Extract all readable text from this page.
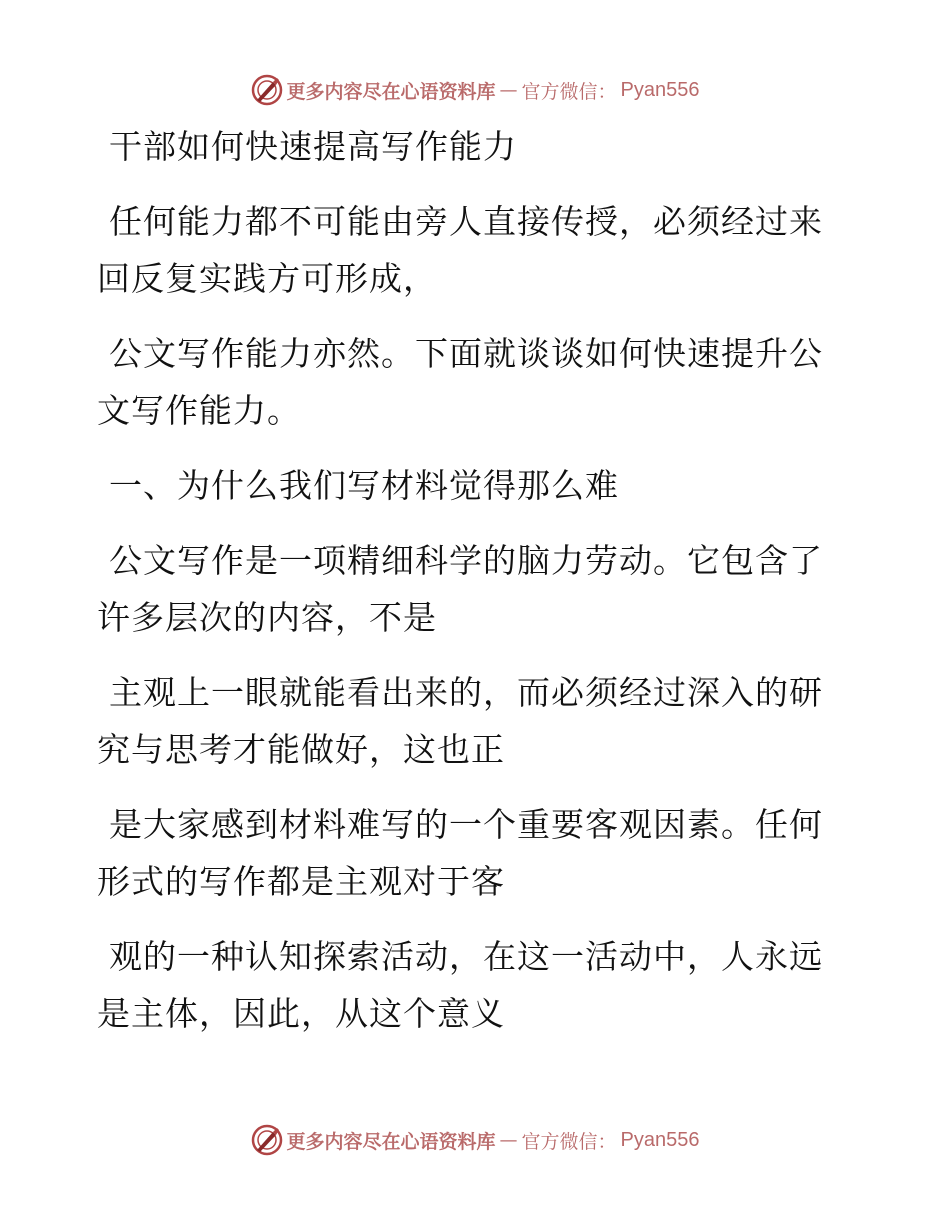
更多内容尽在心语资料库 — 官方微信： Pyan556

干部如何快速提高写作能力

任何能力都不可能由旁人直接传授，必须经过来回反复实践方可形成，

公文写作能力亦然。下面就谈谈如何快速提升公文写作能力。

一、为什么我们写材料觉得那么难

公文写作是一项精细科学的脑力劳动。它包含了许多层次的内容，不是

主观上一眼就能看出来的，而必须经过深入的研究与思考才能做好，这也正

是大家感到材料难写的一个重要客观因素。任何形式的写作都是主观对于客

观的一种认知探索活动，在这一活动中，人永远是主体，因此，从这个意义

更多内容尽在心语资料库 — 官方微信： Pyan556
